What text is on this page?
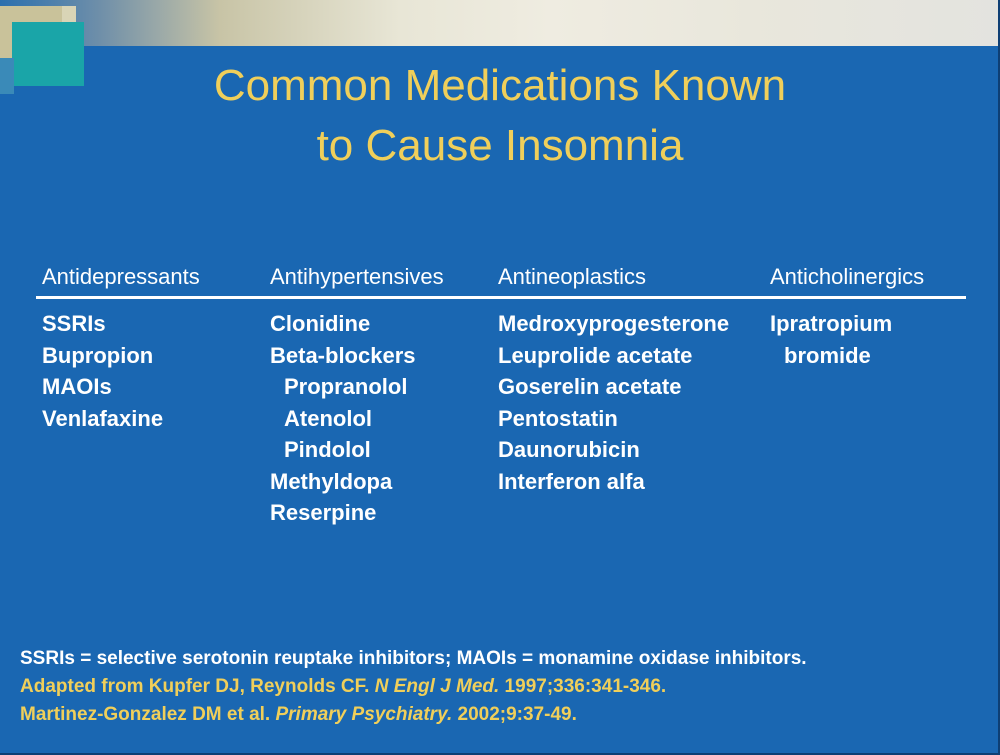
Common Medications Known
to Cause Insomnia
Antidepressants
SSRIs
Bupropion
MAOIs
Venlafaxine
Antihypertensives
Clonidine
Beta-blockers
Propranolol
Atenolol
Pindolol
Methyldopa
Reserpine
Antineoplastics
Medroxyprogesterone
Leuprolide acetate
Goserelin acetate
Pentostatin
Daunorubicin
Interferon alfa
Anticholinergics
Ipratropium
bromide
SSRIs = selective serotonin reuptake inhibitors; MAOIs = monamine oxidase inhibitors.
Adapted from Kupfer DJ, Reynolds CF. N Engl J Med. 1997;336:341-346.
Martinez-Gonzalez DM et al. Primary Psychiatry. 2002;9:37-49.
